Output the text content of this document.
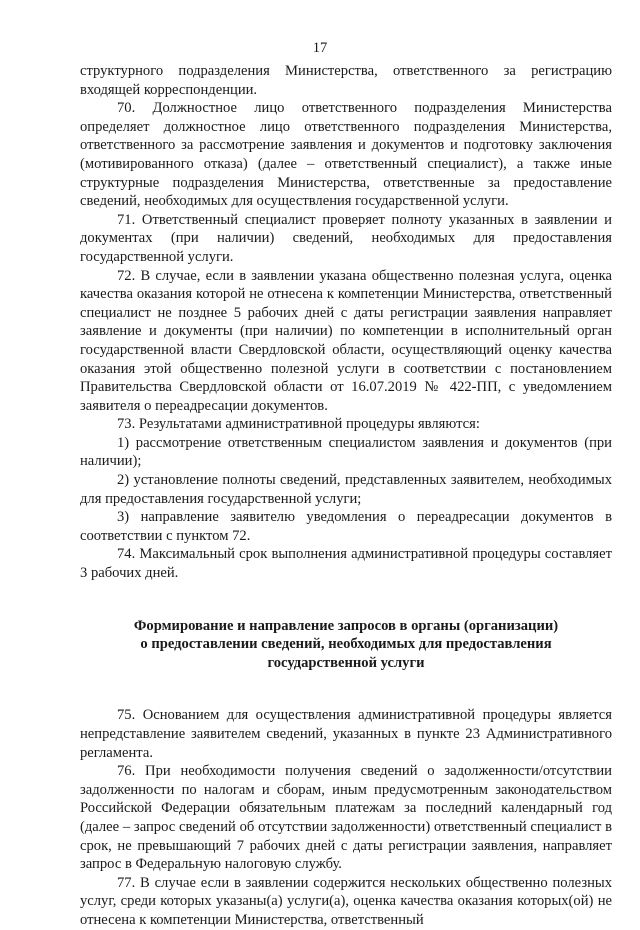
17

структурного подразделения Министерства, ответственного за регистрацию входящей корреспонденции.

70. Должностное лицо ответственного подразделения Министерства определяет должностное лицо ответственного подразделения Министерства, ответственного за рассмотрение заявления и документов и подготовку заключения (мотивированного отказа) (далее – ответственный специалист), а также иные структурные подразделения Министерства, ответственные за предоставление сведений, необходимых для осуществления государственной услуги.

71. Ответственный специалист проверяет полноту указанных в заявлении и документах (при наличии) сведений, необходимых для предоставления государственной услуги.

72. В случае, если в заявлении указана общественно полезная услуга, оценка качества оказания которой не отнесена к компетенции Министерства, ответственный специалист не позднее 5 рабочих дней с даты регистрации заявления направляет заявление и документы (при наличии) по компетенции в исполнительный орган государственной власти Свердловской области, осуществляющий оценку качества оказания этой общественно полезной услуги в соответствии с постановлением Правительства Свердловской области от 16.07.2019 № 422-ПП, с уведомлением заявителя о переадресации документов.

73. Результатами административной процедуры являются:

1) рассмотрение ответственным специалистом заявления и документов (при наличии);

2) установление полноты сведений, представленных заявителем, необходимых для предоставления государственной услуги;

3) направление заявителю уведомления о переадресации документов в соответствии с пунктом 72.

74. Максимальный срок выполнения административной процедуры составляет 3 рабочих дней.

Формирование и направление запросов в органы (организации)

о предоставлении сведений, необходимых для предоставления

государственной услуги

75. Основанием для осуществления административной процедуры является непредставление заявителем сведений, указанных в пункте 23 Административного регламента.

76. При необходимости получения сведений о задолженности/отсутствии задолженности по налогам и сборам, иным предусмотренным законодательством Российской Федерации обязательным платежам за последний календарный год (далее – запрос сведений об отсутствии задолженности) ответственный специалист в срок, не превышающий 7 рабочих дней с даты регистрации заявления, направляет запрос в Федеральную налоговую службу.

77. В случае если в заявлении содержится нескольких общественно полезных услуг, среди которых указаны(а) услуги(а), оценка качества оказания которых(ой) не отнесена к компетенции Министерства, ответственный
